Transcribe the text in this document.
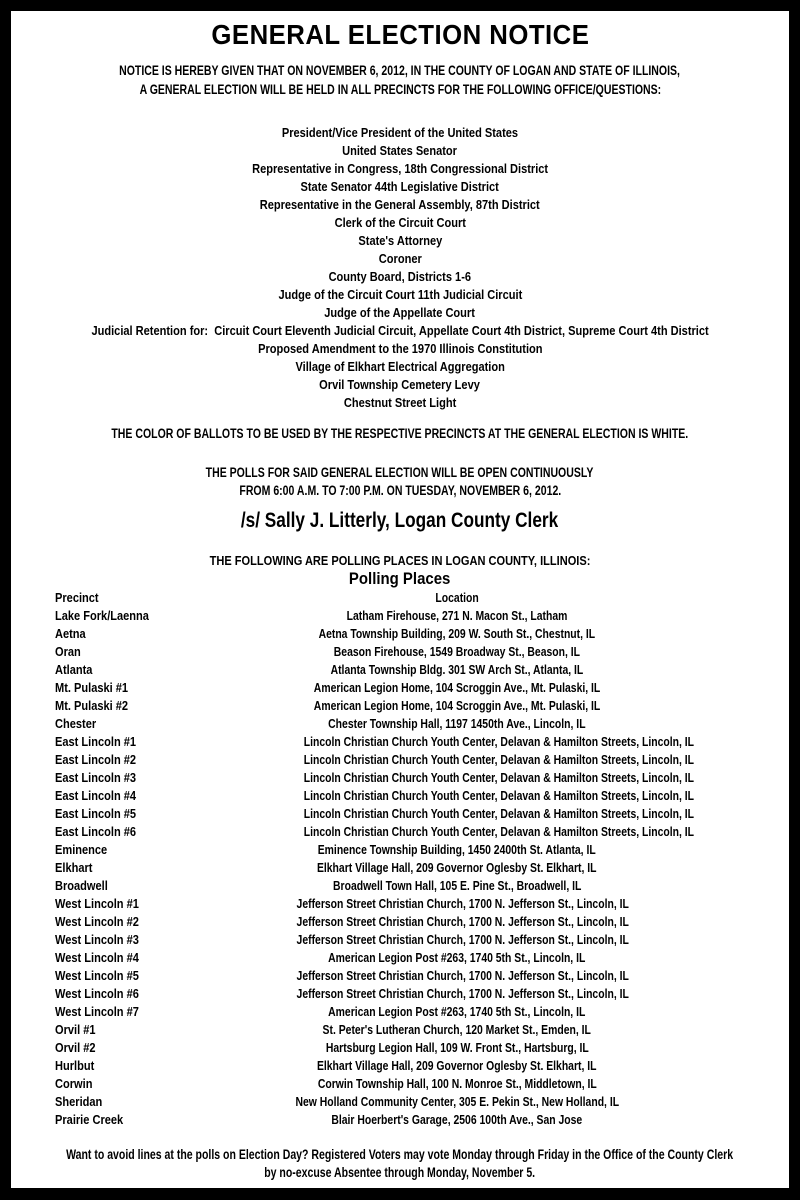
GENERAL ELECTION NOTICE
NOTICE IS HEREBY GIVEN THAT ON NOVEMBER 6, 2012, IN THE COUNTY OF LOGAN AND STATE OF ILLINOIS,
A GENERAL ELECTION WILL BE HELD IN ALL PRECINCTS FOR THE FOLLOWING OFFICE/QUESTIONS:
President/Vice President of the United States
United States Senator
Representative in Congress, 18th Congressional District
State Senator 44th Legislative District
Representative in the General Assembly, 87th District
Clerk of the Circuit Court
State's Attorney
Coroner
County Board, Districts 1-6
Judge of the Circuit Court 11th Judicial Circuit
Judge of the Appellate Court
Judicial Retention for:  Circuit Court Eleventh Judicial Circuit, Appellate Court 4th District, Supreme Court 4th District
Proposed Amendment to the 1970 Illinois Constitution
Village of Elkhart Electrical Aggregation
Orvil Township Cemetery Levy
Chestnut Street Light
THE COLOR OF BALLOTS TO BE USED BY THE RESPECTIVE PRECINCTS AT THE GENERAL ELECTION IS WHITE.
THE POLLS FOR SAID GENERAL ELECTION WILL BE OPEN CONTINUOUSLY
FROM 6:00 A.M. TO 7:00 P.M. ON TUESDAY, NOVEMBER 6, 2012.
/s/ Sally J. Litterly, Logan County Clerk
THE FOLLOWING ARE POLLING PLACES IN LOGAN COUNTY, ILLINOIS:
Polling Places
Precinct	Location
Lake Fork/Laenna	Latham Firehouse, 271 N. Macon St., Latham
Aetna	Aetna Township Building, 209 W. South St., Chestnut, IL
Oran	Beason Firehouse, 1549 Broadway St., Beason, IL
Atlanta	Atlanta Township Bldg. 301 SW Arch St., Atlanta, IL
Mt. Pulaski #1	American Legion Home, 104 Scroggin Ave., Mt. Pulaski, IL
Mt. Pulaski #2	American Legion Home, 104 Scroggin Ave., Mt. Pulaski, IL
Chester	Chester Township Hall, 1197 1450th Ave., Lincoln, IL
East Lincoln #1	Lincoln Christian Church Youth Center, Delavan & Hamilton Streets, Lincoln, IL
East Lincoln #2	Lincoln Christian Church Youth Center, Delavan & Hamilton Streets, Lincoln, IL
East Lincoln #3	Lincoln Christian Church Youth Center, Delavan & Hamilton Streets, Lincoln, IL
East Lincoln #4	Lincoln Christian Church Youth Center, Delavan & Hamilton Streets, Lincoln, IL
East Lincoln #5	Lincoln Christian Church Youth Center, Delavan & Hamilton Streets, Lincoln, IL
East Lincoln #6	Lincoln Christian Church Youth Center, Delavan & Hamilton Streets, Lincoln, IL
Eminence	Eminence Township Building, 1450 2400th St. Atlanta, IL
Elkhart	Elkhart Village Hall, 209 Governor Oglesby St. Elkhart, IL
Broadwell	Broadwell Town Hall, 105 E. Pine St., Broadwell, IL
West Lincoln #1	Jefferson Street Christian Church, 1700 N. Jefferson St., Lincoln, IL
West Lincoln #2	Jefferson Street Christian Church, 1700 N. Jefferson St., Lincoln, IL
West Lincoln #3	Jefferson Street Christian Church, 1700 N. Jefferson St., Lincoln, IL
West Lincoln #4	American Legion Post #263, 1740 5th St., Lincoln, IL
West Lincoln #5	Jefferson Street Christian Church, 1700 N. Jefferson St., Lincoln, IL
West Lincoln #6	Jefferson Street Christian Church, 1700 N. Jefferson St., Lincoln, IL
West Lincoln #7	American Legion Post #263, 1740 5th St., Lincoln, IL
Orvil #1	St. Peter's Lutheran Church, 120 Market St., Emden, IL
Orvil #2	Hartsburg Legion Hall, 109 W. Front St., Hartsburg, IL
Hurlbut	Elkhart Village Hall, 209 Governor Oglesby St. Elkhart, IL
Corwin	Corwin Township Hall, 100 N. Monroe St., Middletown, IL
Sheridan	New Holland Community Center, 305 E. Pekin St., New Holland, IL
Prairie Creek	Blair Hoerbert's Garage, 2506 100th Ave., San Jose
Want to avoid lines at the polls on Election Day? Registered Voters may vote Monday through Friday in the Office of the County Clerk
by no-excuse Absentee through Monday, November 5.
